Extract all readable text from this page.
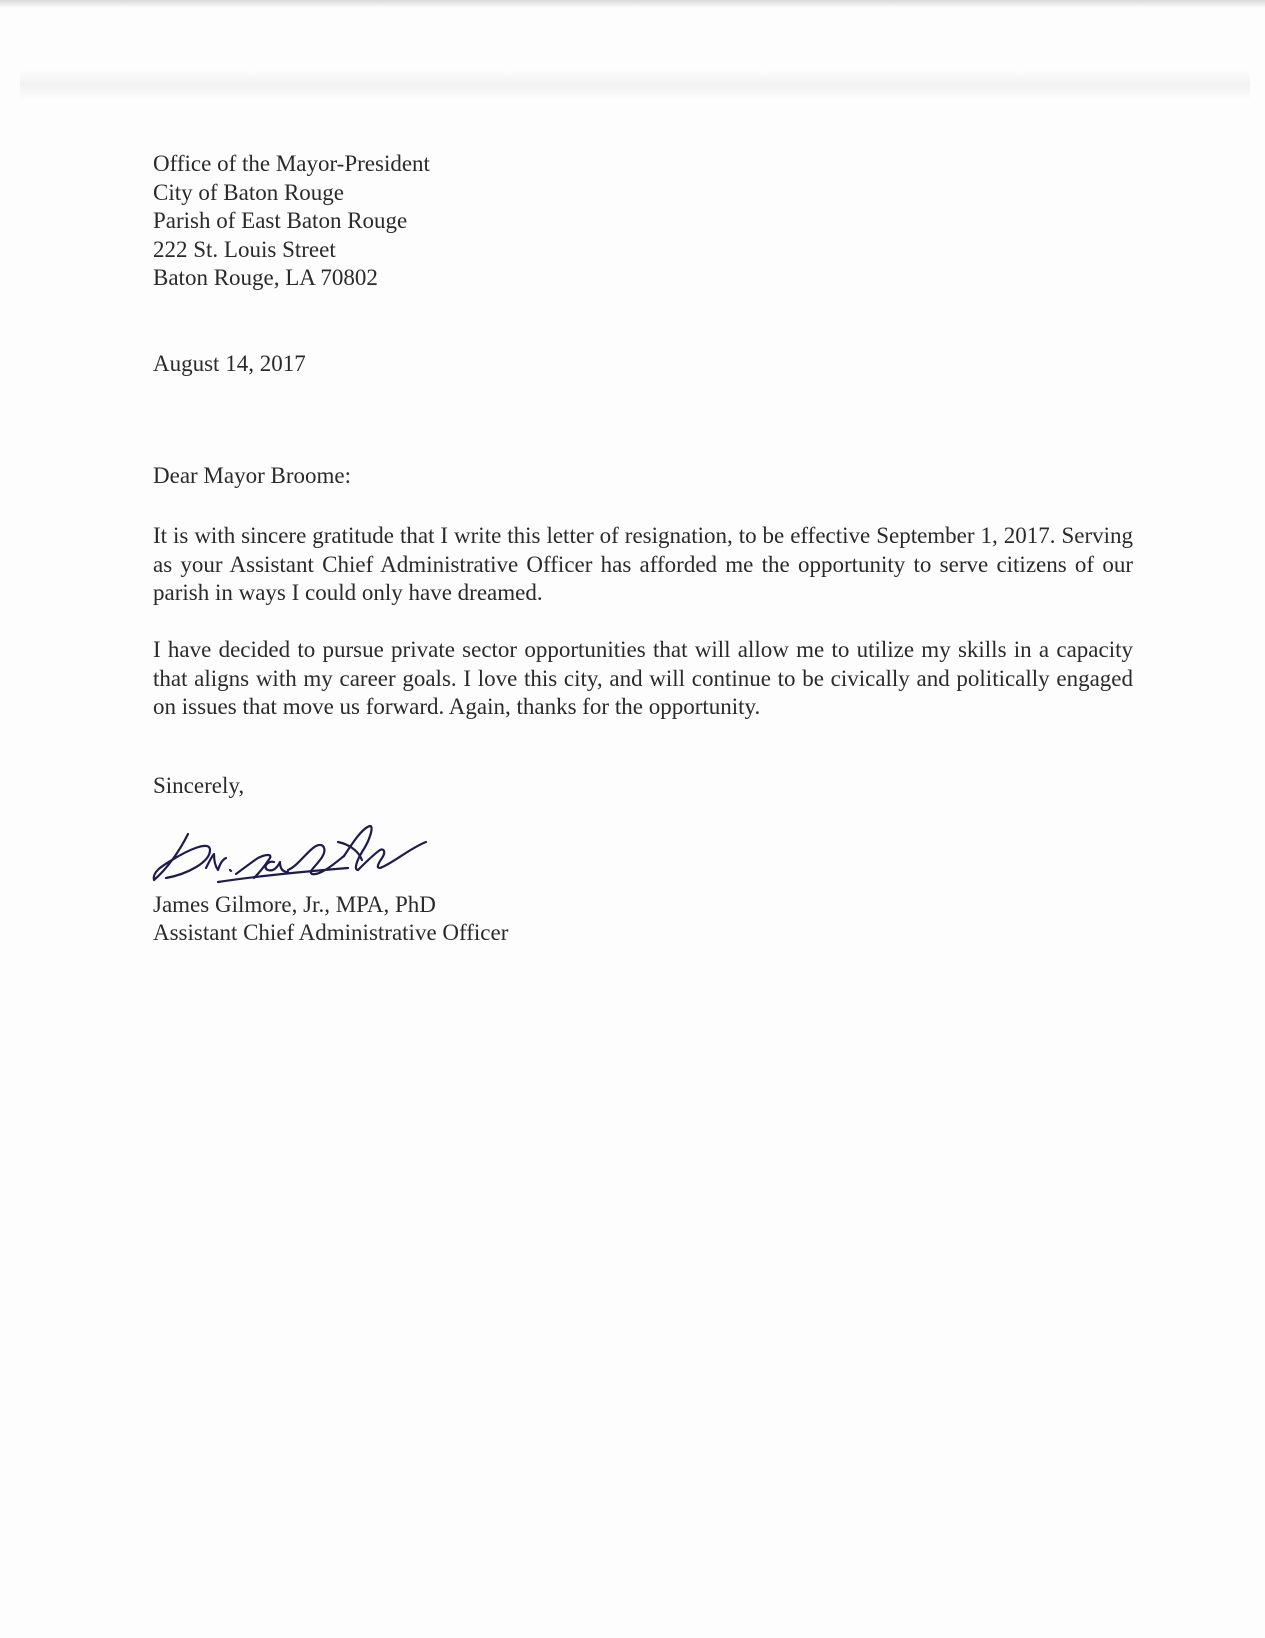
Office of the Mayor-President
City of Baton Rouge
Parish of East Baton Rouge
222 St. Louis Street
Baton Rouge, LA 70802

August 14, 2017

Dear Mayor Broome:

It is with sincere gratitude that I write this letter of resignation, to be effective September 1, 2017. Serving as your Assistant Chief Administrative Officer has afforded me the opportunity to serve citizens of our parish in ways I could only have dreamed.

I have decided to pursue private sector opportunities that will allow me to utilize my skills in a capacity that aligns with my career goals. I love this city, and will continue to be civically and politically engaged on issues that move us forward. Again, thanks for the opportunity.

Sincerely,

James Gilmore, Jr., MPA, PhD

Assistant Chief Administrative Officer
